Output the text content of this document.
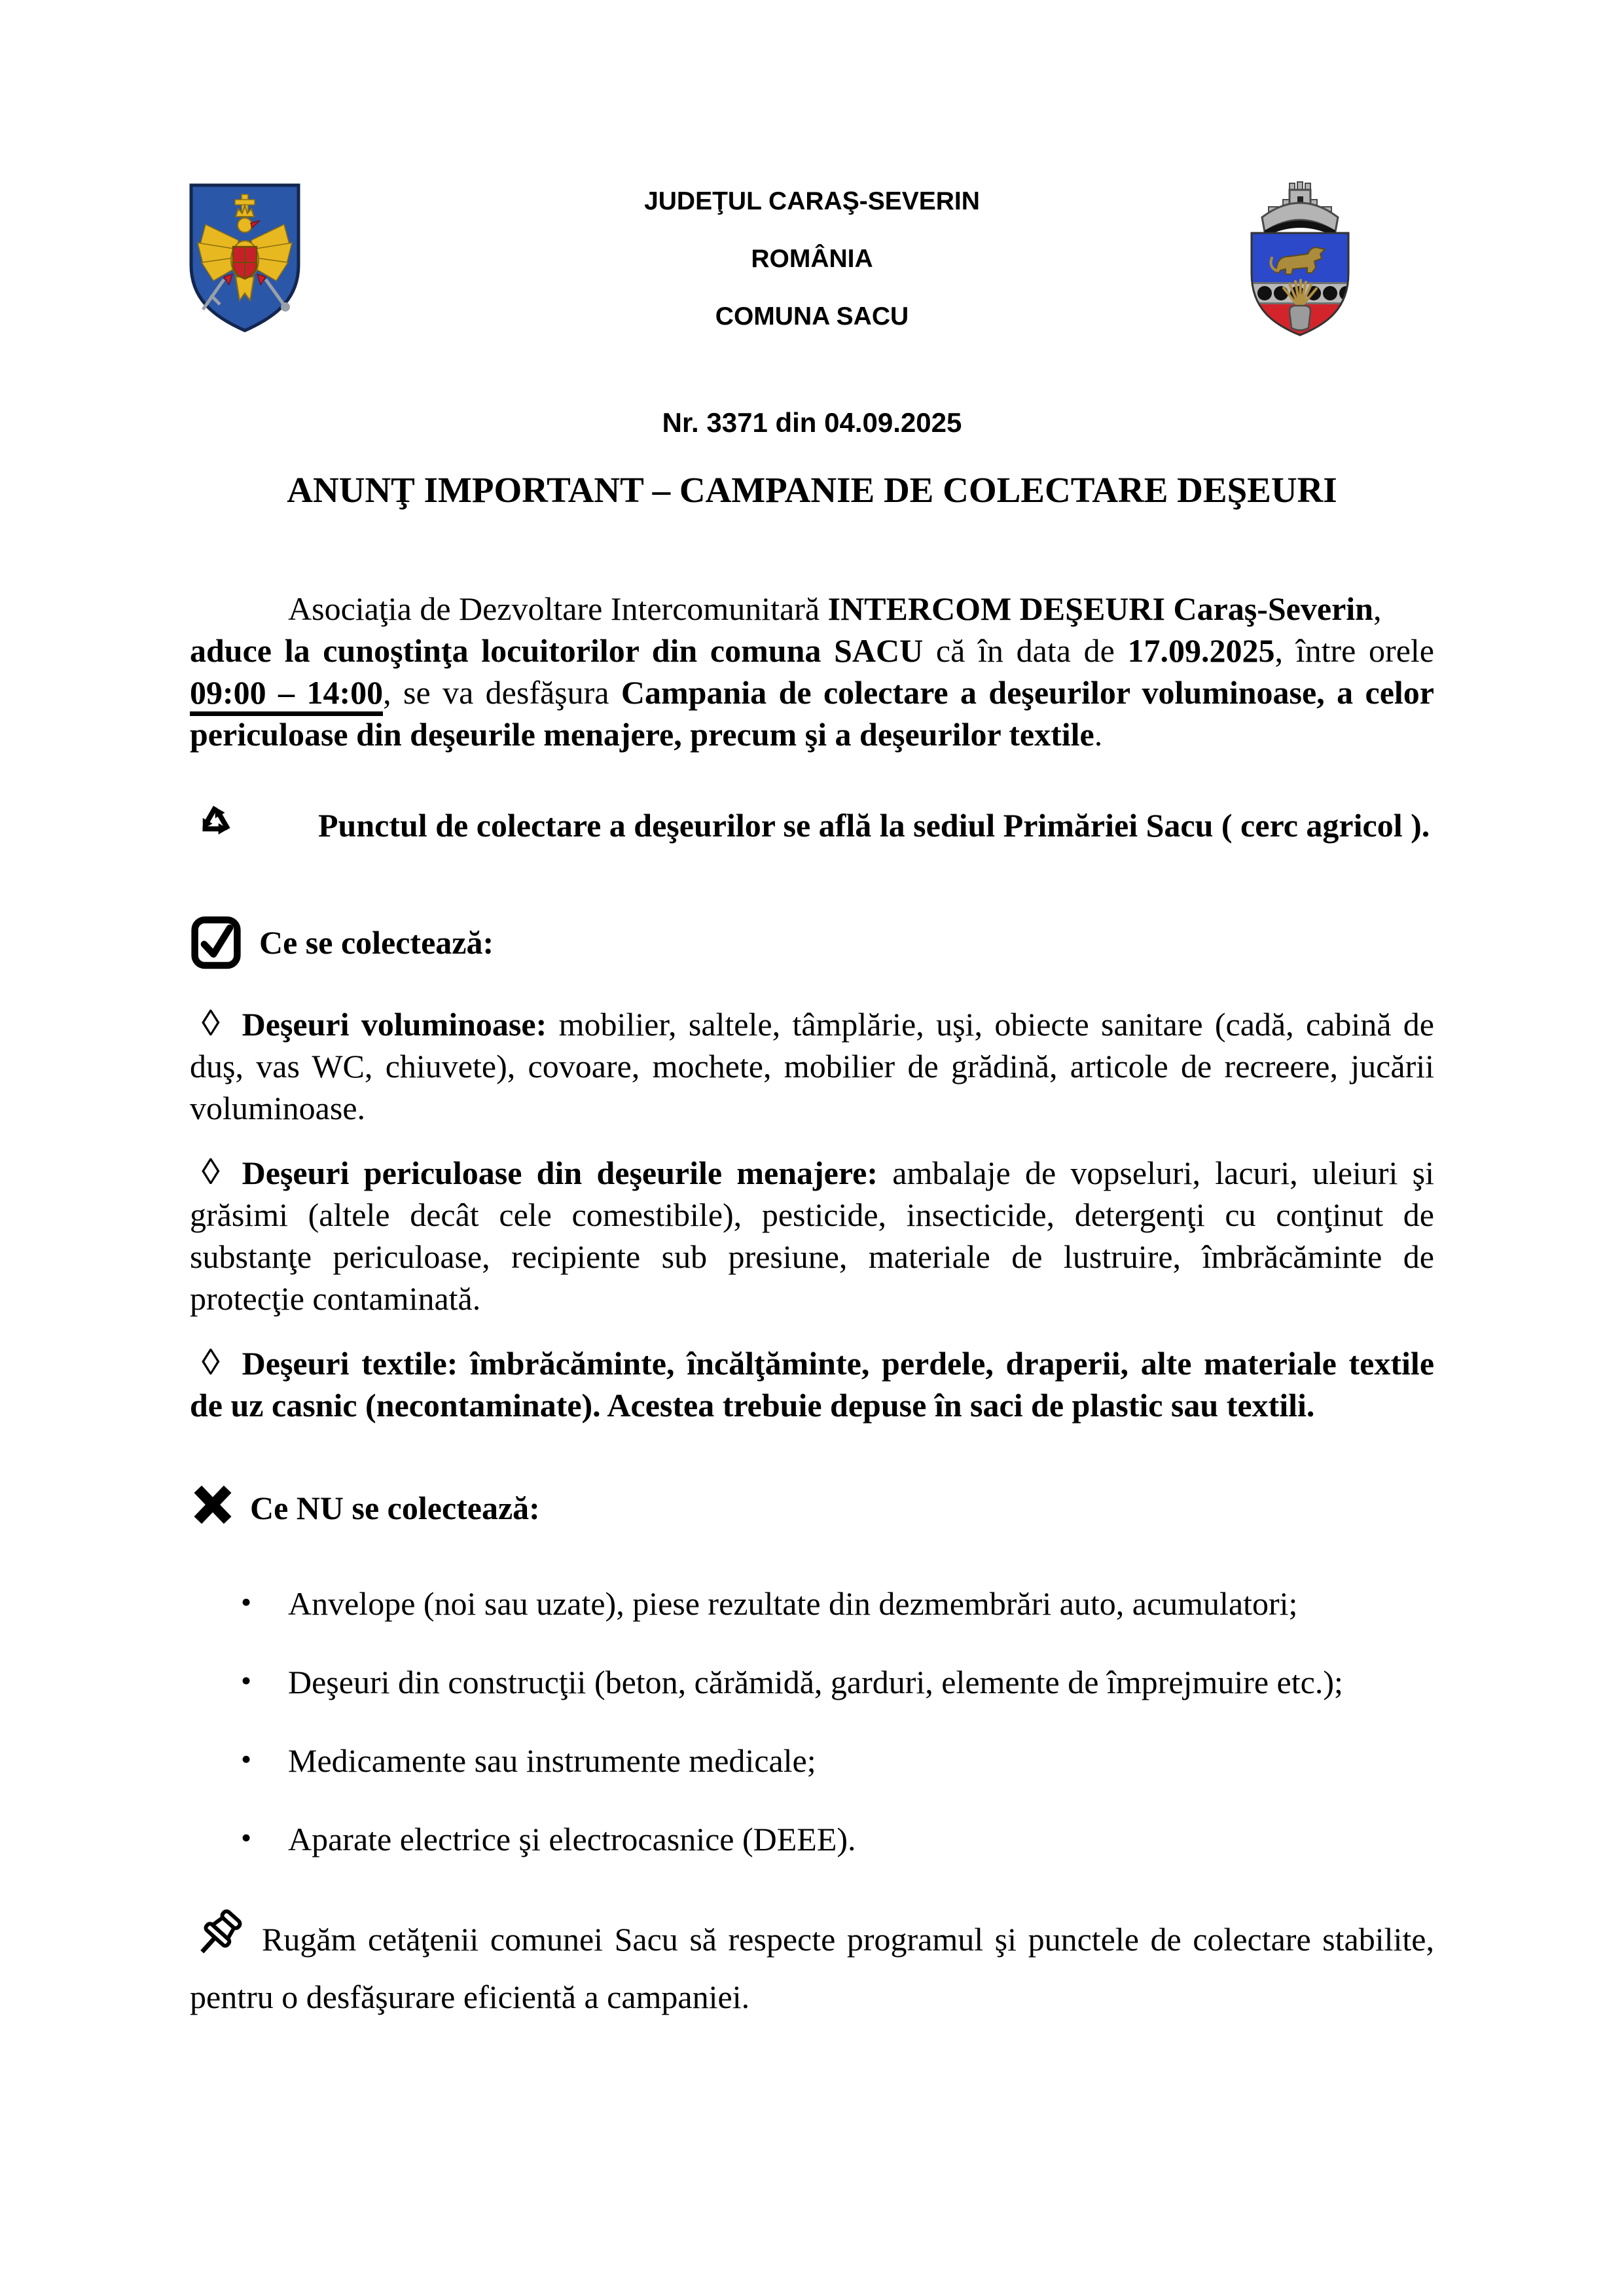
JUDEŢUL CARAŞ-SEVERIN
ROMÂNIA
COMUNA SACU
Nr. 3371 din 04.09.2025
ANUNŢ IMPORTANT – CAMPANIE DE COLECTARE DEŞEURI

Asociaţia de Dezvoltare Intercomunitară INTERCOM DEŞEURI Caraş-Severin,
aduce la cunoştinţa locuitorilor din comuna SACU că în data de 17.09.2025, între orele 09:00 – 14:00, se va desfăşura Campania de colectare a deşeurilor voluminoase, a celor periculoase din deşeurile menajere, precum şi a deşeurilor textile.

Punctul de colectare a deşeurilor se află la sediul Primăriei Sacu ( cerc agricol ).

Ce se colectează:

◊ Deşeuri voluminoase: mobilier, saltele, tâmplărie, uşi, obiecte sanitare (cadă, cabină de duş, vas WC, chiuvete), covoare, mochete, mobilier de grădină, articole de recreere, jucării voluminoase.

◊ Deşeuri periculoase din deşeurile menajere: ambalaje de vopseluri, lacuri, uleiuri şi grăsimi (altele decât cele comestibile), pesticide, insecticide, detergenţi cu conţinut de substanţe periculoase, recipiente sub presiune, materiale de lustruire, îmbrăcăminte de protecţie contaminată.

◊ Deşeuri textile: îmbrăcăminte, încălţăminte, perdele, draperii, alte materiale textile de uz casnic (necontaminate). Acestea trebuie depuse în saci de plastic sau textili.

Ce NU se colectează:

• Anvelope (noi sau uzate), piese rezultate din dezmembrări auto, acumulatori;
• Deşeuri din construcţii (beton, cărămidă, garduri, elemente de împrejmuire etc.);
• Medicamente sau instrumente medicale;
• Aparate electrice şi electrocasnice (DEEE).

Rugăm cetăţenii comunei Sacu să respecte programul şi punctele de colectare stabilite, pentru o desfăşurare eficientă a campaniei.
